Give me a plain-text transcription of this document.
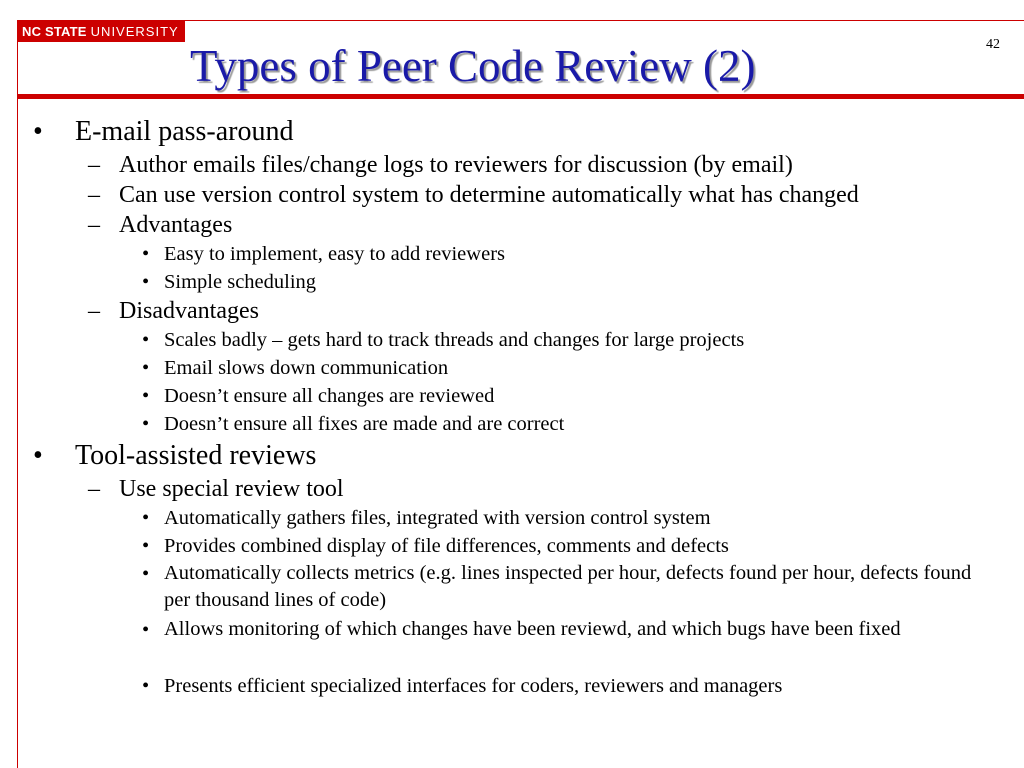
NC STATE UNIVERSITY
42
Types of Peer Code Review (2)
• E-mail pass-around
– Author emails files/change logs to reviewers for discussion (by email)
– Can use version control system to determine automatically what has changed
– Advantages
• Easy to implement, easy to add reviewers
• Simple scheduling
– Disadvantages
• Scales badly – gets hard to track threads and changes for large projects
• Email slows down communication
• Doesn’t ensure all changes are reviewed
• Doesn’t ensure all fixes are made and are correct
• Tool-assisted reviews
– Use special review tool
• Automatically gathers files, integrated with version control system
• Provides combined display of file differences, comments and defects
• Automatically collects metrics (e.g. lines inspected per hour, defects found per hour, defects found per thousand lines of code)
• Allows monitoring of which changes have been reviewd, and which bugs have been fixed
• Presents efficient specialized interfaces for coders, reviewers and managers
